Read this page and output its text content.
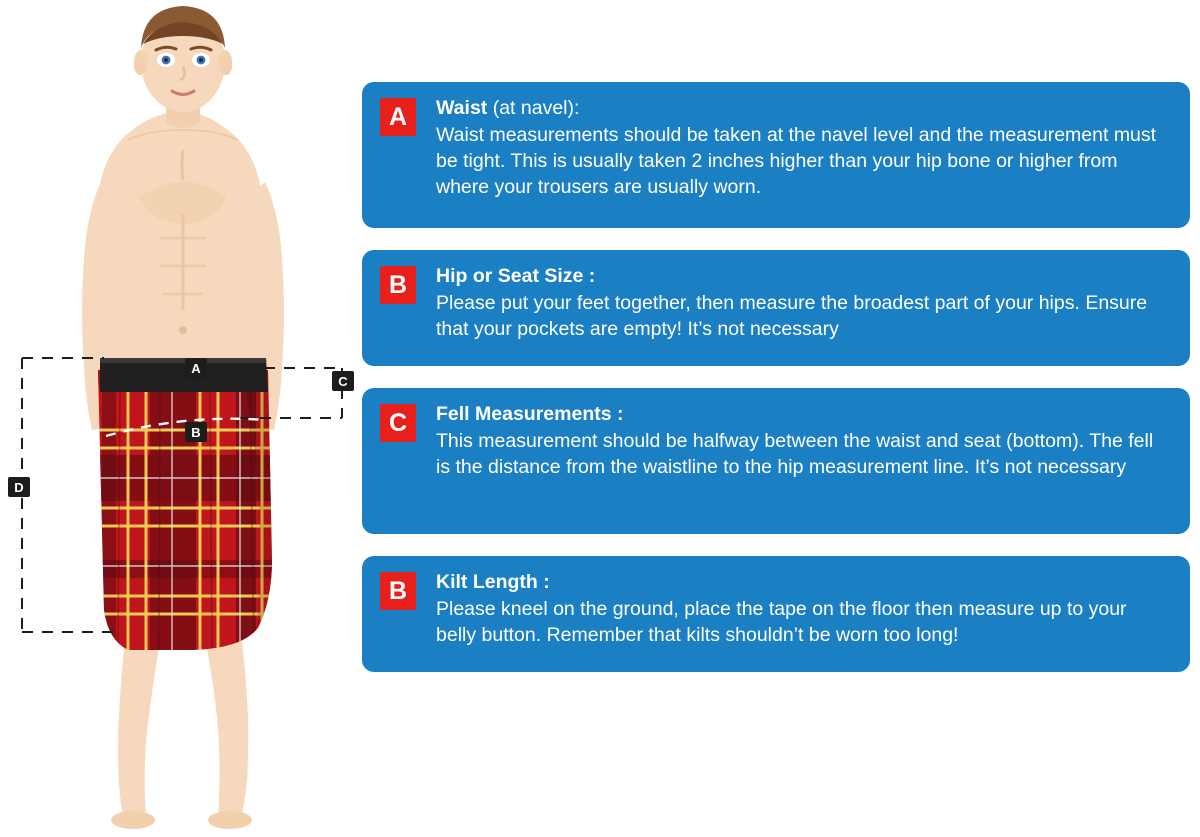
A
B
C
D
A	Waist (at navel):

Waist measurements should be taken at the navel level and the measurement must be tight. This is usually taken 2 inches higher than your hip bone or higher from where your trousers are usually worn.

B	Hip or Seat Size :

Please put your feet together, then measure the broadest part of your hips. Ensure that your pockets are empty! It’s not necessary

C	Fell Measurements :

This measurement should be halfway between the waist and seat (bottom). The fell is the distance from the waistline to the hip measurement line. It’s not necessary

B	Kilt Length :

Please kneel on the ground, place the tape on the floor then measure up to your belly button. Remember that kilts shouldn’t be worn too long!
